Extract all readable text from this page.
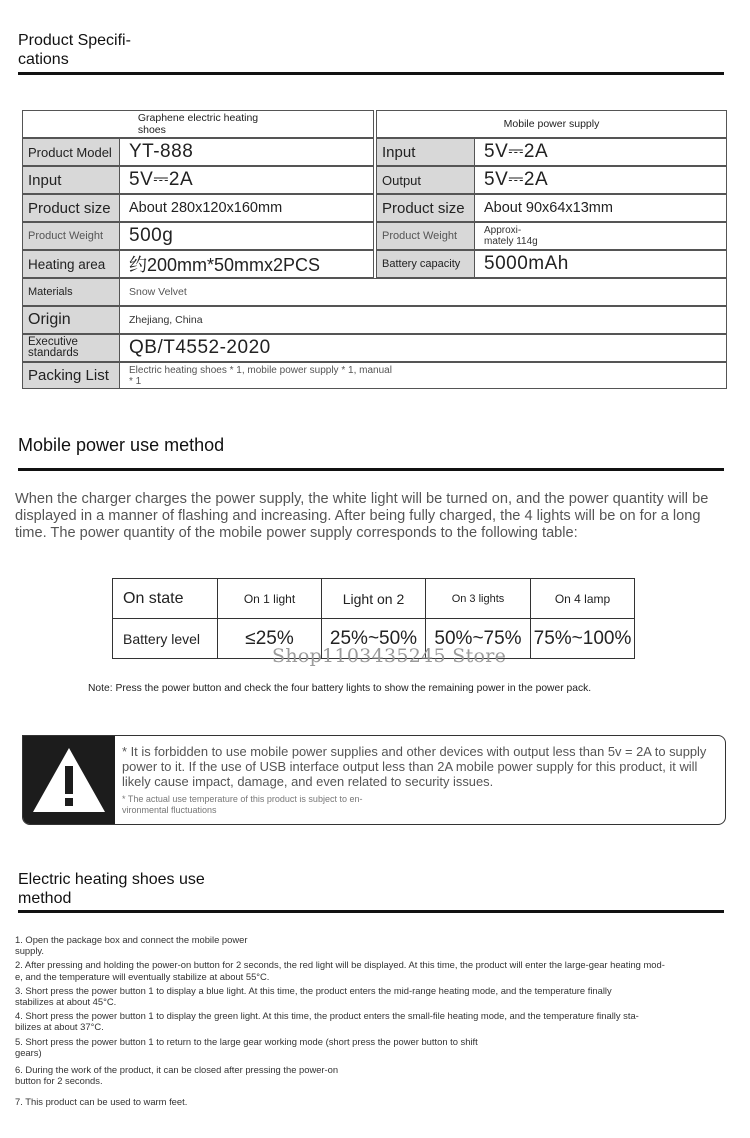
Product Specifi-
cations
Graphene electric heating
shoes	Mobile power supply
Product Model YT-888	Input	5V⎓2A
Input	5V⎓2A	Output	5V⎓2A
Product size	About 280x120x160mm	Product size	About 90x64x13mm
Product Weight	500g	Product Weight	Approxi-
mately 114g
Heating area	约200mm*50mmx2PCS	Battery capacity	5000mAh
Materials	Snow Velvet
Origin	Zhejiang, China
Executive
standards	QB/T4552-2020
Packing List	Electric heating shoes * 1, mobile power supply * 1, manual
* 1
Mobile power use method
When the charger charges the power supply, the white light will be turned on, and the power quantity will be displayed in a manner of flashing and increasing. After being fully charged, the 4 lights will be on for a long time. The power quantity of the mobile power supply corresponds to the following table:
On state	On 1 light	Light on 2	On 3 lights	On 4 lamp
Battery level	≤25%	25%~50% 50%~75% 75%~100%
Shop1103435245 Store
Note: Press the power button and check the four battery lights to show the remaining power in the power pack.
* It is forbidden to use mobile power supplies and other devices with output less than 5v = 2A to supply power to it. If the use of USB interface output less than 2A mobile power supply for this product, it will likely cause impact, damage, and even related to security issues.
* The actual use temperature of this product is subject to en-
vironmental fluctuations
Electric heating shoes use
method

1. Open the package box and connect the mobile power
supply.

2. After pressing and holding the power-on button for 2 seconds, the red light will be displayed. At this time, the product will enter the large-gear heating mod-
e, and the temperature will eventually stabilize at about 55°C.

3. Short press the power button 1 to display a blue light. At this time, the product enters the mid-range heating mode, and the temperature finally
stabilizes at about 45°C.

4. Short press the power button 1 to display the green light. At this time, the product enters the small-file heating mode, and the temperature finally sta-
bilizes at about 37°C.

5. Short press the power button 1 to return to the large gear working mode (short press the power button to shift
gears)

6. During the work of the product, it can be closed after pressing the power-on
button for 2 seconds.

7. This product can be used to warm feet.
